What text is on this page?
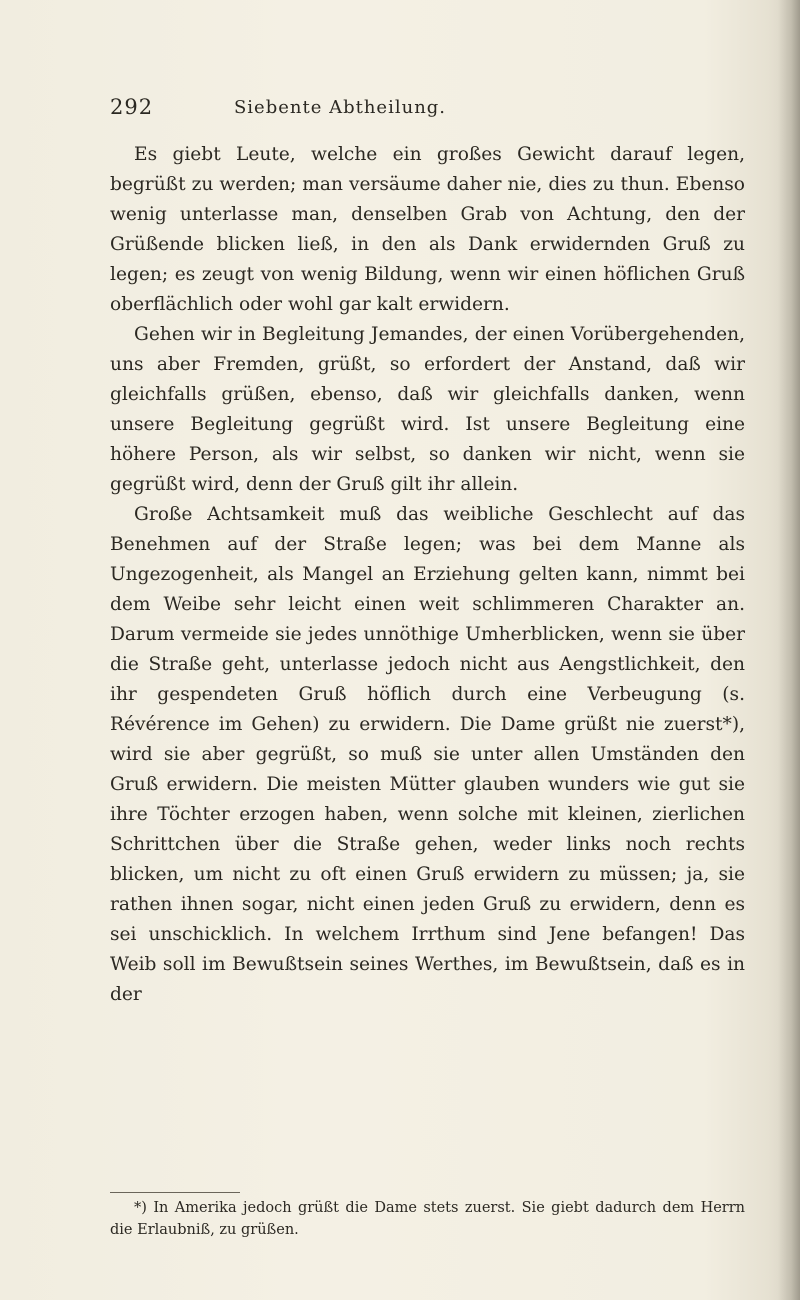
292	Siebente Abtheilung.

Es giebt Leute, welche ein großes Gewicht darauf legen, begrüßt zu werden; man versäume daher nie, dies zu thun. Ebenso wenig unterlasse man, denselben Grab von Achtung, den der Grüßende blicken ließ, in den als Dank erwidernden Gruß zu legen; es zeugt von wenig Bildung, wenn wir einen höflichen Gruß oberflächlich oder wohl gar kalt erwidern.

Gehen wir in Begleitung Jemandes, der einen Vorübergehenden, uns aber Fremden, grüßt, so erfordert der Anstand, daß wir gleichfalls grüßen, ebenso, daß wir gleichfalls danken, wenn unsere Begleitung gegrüßt wird. Ist unsere Begleitung eine höhere Person, als wir selbst, so danken wir nicht, wenn sie gegrüßt wird, denn der Gruß gilt ihr allein.

Große Achtsamkeit muß das weibliche Geschlecht auf das Benehmen auf der Straße legen; was bei dem Manne als Ungezogenheit, als Mangel an Erziehung gelten kann, nimmt bei dem Weibe sehr leicht einen weit schlimmeren Charakter an. Darum vermeide sie jedes unnöthige Umherblicken, wenn sie über die Straße geht, unterlasse jedoch nicht aus Aengstlichkeit, den ihr gespendeten Gruß höflich durch eine Verbeugung (s. Révérence im Gehen) zu erwidern. Die Dame grüßt nie zuerst*), wird sie aber gegrüßt, so muß sie unter allen Umständen den Gruß erwidern. Die meisten Mütter glauben wunders wie gut sie ihre Töchter erzogen haben, wenn solche mit kleinen, zierlichen Schrittchen über die Straße gehen, weder links noch rechts blicken, um nicht zu oft einen Gruß erwidern zu müssen; ja, sie rathen ihnen sogar, nicht einen jeden Gruß zu erwidern, denn es sei unschicklich. In welchem Irrthum sind Jene befangen! Das Weib soll im Bewußtsein seines Werthes, im Bewußtsein, daß es in der

*) In Amerika jedoch grüßt die Dame stets zuerst. Sie giebt dadurch dem Herrn die Erlaubniß, zu grüßen.
